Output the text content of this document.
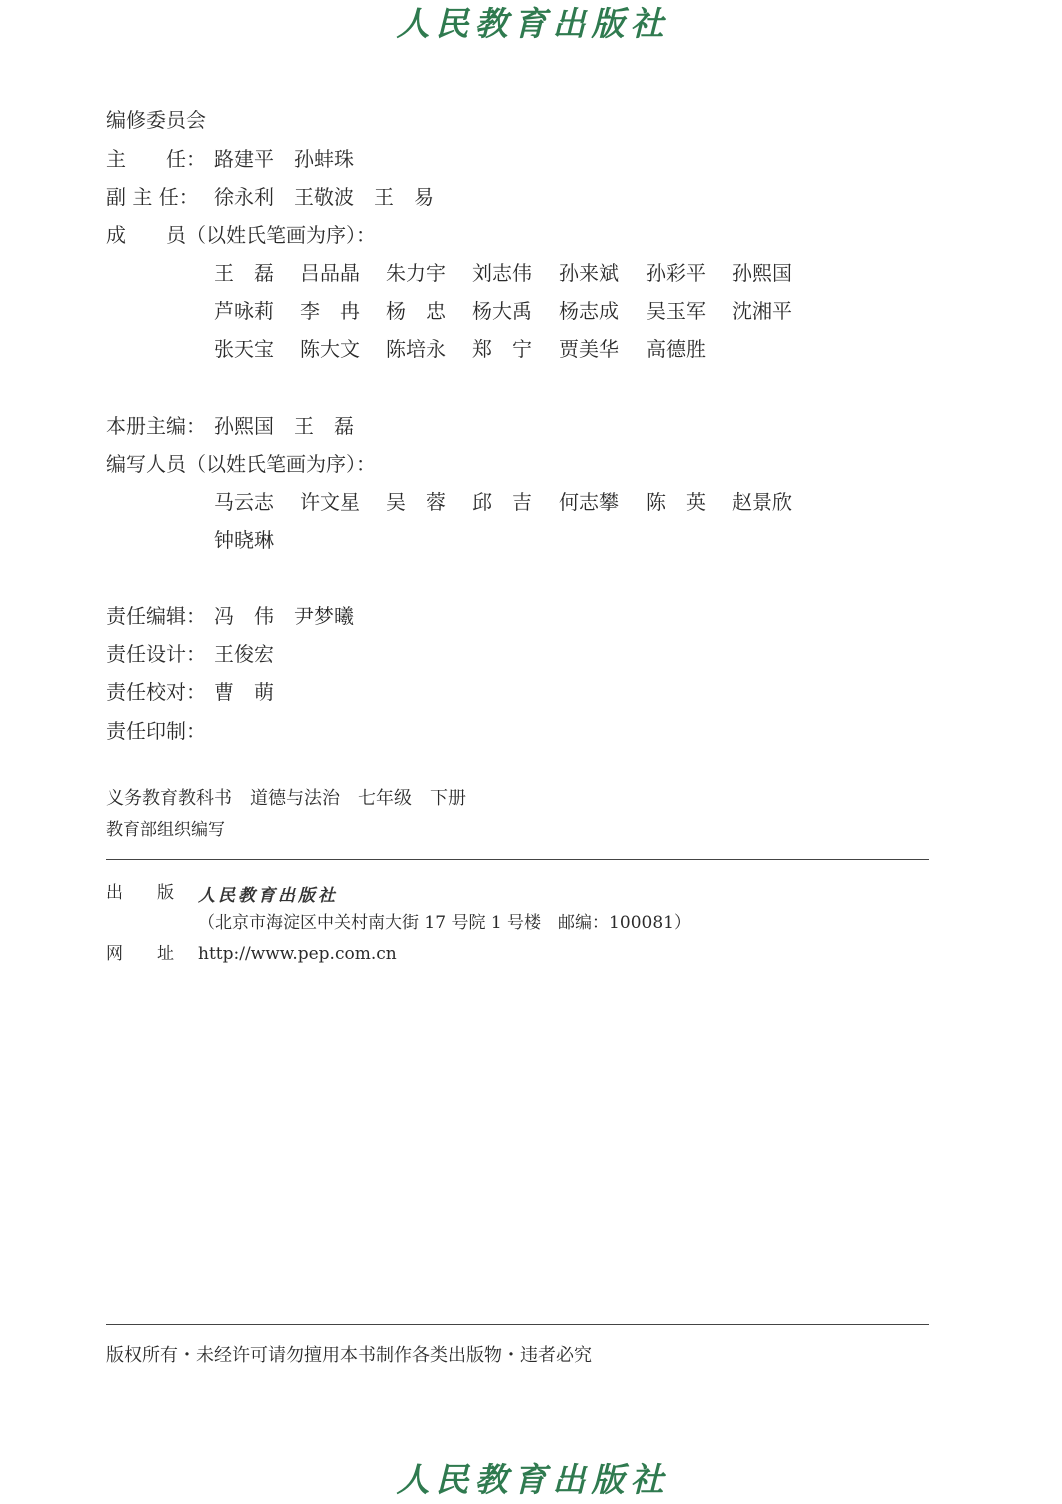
人民教育出版社
编修委员会
主　　任： 路建平　孙蚌珠
副 主 任： 徐永利　王敬波　王　易
成　　员（以姓氏笔画为序）：
王　磊 吕品晶 朱力宇 刘志伟 孙来斌 孙彩平 孙熙国
芦咏莉 李　冉 杨　忠 杨大禹 杨志成 吴玉军 沈湘平
张天宝 陈大文 陈培永 郑　宁 贾美华 高德胜
本册主编： 孙熙国　王　磊
编写人员（以姓氏笔画为序）：
马云志 许文星 吴　蓉 邱　吉 何志攀 陈　英 赵景欣
钟晓琳
责任编辑： 冯　伟　尹梦曦
责任设计： 王俊宏
责任校对： 曹　萌
责任印制：
义务教育教科书　道德与法治　七年级　下册
教育部组织编写
出　　版 人民教育出版社
（北京市海淀区中关村南大街 17 号院 1 号楼　邮编：100081）
网　　址 http://www.pep.com.cn
版权所有・未经许可请勿擅用本书制作各类出版物・违者必究
人民教育出版社
